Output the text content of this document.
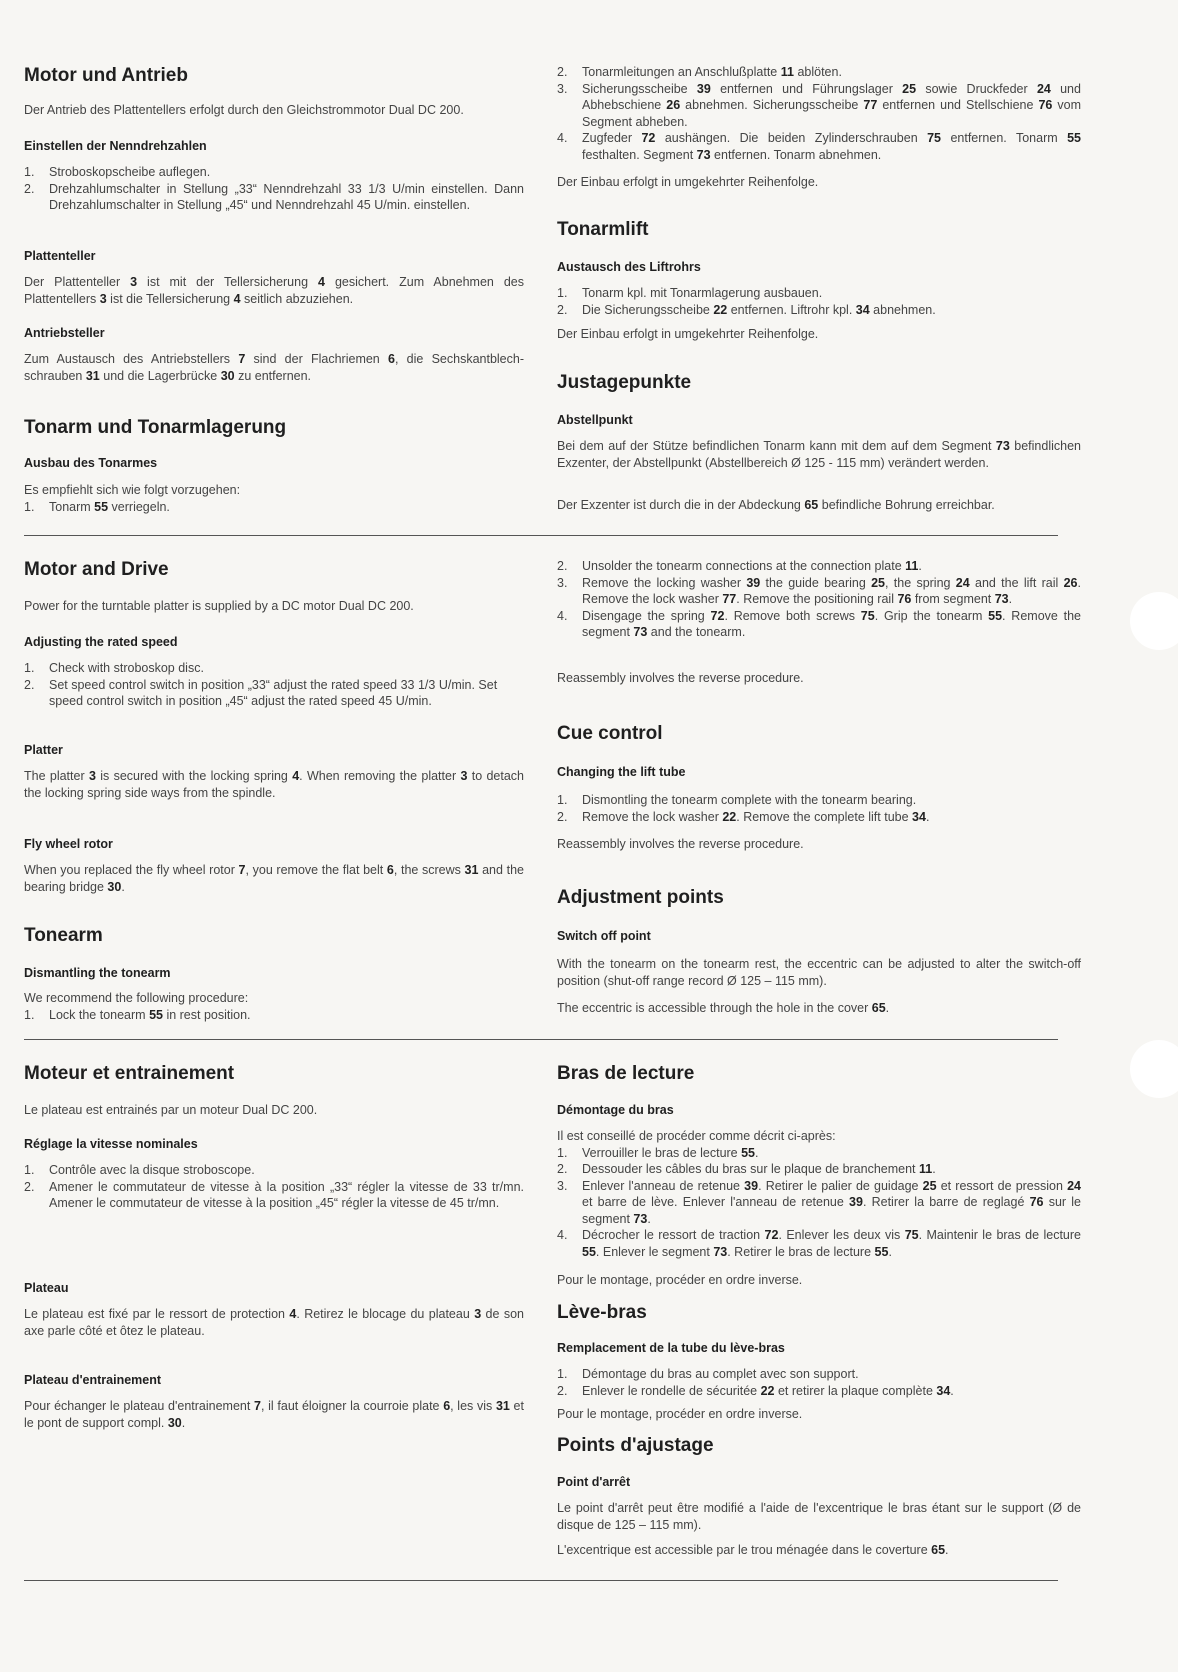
Motor und Antrieb

Der Antrieb des Plattentellers erfolgt durch den Gleichstrommotor Dual DC 200.

Einstellen der Nenndrehzahlen
1. Stroboskopscheibe auflegen.
2. Drehzahlumschalter in Stellung „33“ Nenndrehzahl 33 1/3 U/min einstellen. Dann Drehzahlumschalter in Stellung „45“ und Nenndrehzahl 45 U/min. einstellen.
Plattenteller

Der Plattenteller 3 ist mit der Tellersicherung 4 gesichert. Zum Abnehmen des Plattentellers 3 ist die Tellersicherung 4 seitlich abzuziehen.

Antriebsteller

Zum Austausch des Antriebstellers 7 sind der Flachriemen 6, die Sechskantblech-schrauben 31 und die Lagerbrücke 30 zu entfernen.

Tonarm und Tonarmlagerung
Ausbau des Tonarmes

Es empfiehlt sich wie folgt vorzugehen:

1. Tonarm 55 verriegeln.
2. Tonarmleitungen an Anschlußplatte 11 ablöten.
3. Sicherungsscheibe 39 entfernen und Führungslager 25 sowie Druckfeder 24 und Abhebschiene 26 abnehmen. Sicherungsscheibe 77 entfernen und Stellschiene 76 vom Segment abheben.
4. Zugfeder 72 aushängen. Die beiden Zylinderschrauben 75 entfernen. Tonarm 55 festhalten. Segment 73 entfernen. Tonarm abnehmen.

Der Einbau erfolgt in umgekehrter Reihenfolge.

Tonarmlift
Austausch des Liftrohrs
1. Tonarm kpl. mit Tonarmlagerung ausbauen.
2. Die Sicherungsscheibe 22 entfernen. Liftrohr kpl. 34 abnehmen.

Der Einbau erfolgt in umgekehrter Reihenfolge.

Justagepunkte
Abstellpunkt

Bei dem auf der Stütze befindlichen Tonarm kann mit dem auf dem Segment 73 befindlichen Exzenter, der Abstellpunkt (Abstellbereich Ø 125 - 115 mm) verändert werden.

Der Exzenter ist durch die in der Abdeckung 65 befindliche Bohrung erreichbar.

Motor and Drive

Power for the turntable platter is supplied by a DC motor Dual DC 200.

Adjusting the rated speed
1. Check with stroboskop disc.
2. Set speed control switch in position „33“ adjust the rated speed 33 1/3 U/min. Set speed control switch in position „45“ adjust the rated speed 45 U/min.
Platter

The platter 3 is secured with the locking spring 4. When removing the platter 3 to detach the locking spring side ways from the spindle.

Fly wheel rotor

When you replaced the fly wheel rotor 7, you remove the flat belt 6, the screws 31 and the bearing bridge 30.

Tonearm
Dismantling the tonearm

We recommend the following procedure:

1. Lock the tonearm 55 in rest position.
2. Unsolder the tonearm connections at the connection plate 11.
3. Remove the locking washer 39 the guide bearing 25, the spring 24 and the lift rail 26. Remove the lock washer 77. Remove the positioning rail 76 from segment 73.
4. Disengage the spring 72. Remove both screws 75. Grip the tonearm 55. Remove the segment 73 and the tonearm.

Reassembly involves the reverse procedure.

Cue control
Changing the lift tube
1. Dismontling the tonearm complete with the tonearm bearing.
2. Remove the lock washer 22. Remove the complete lift tube 34.

Reassembly involves the reverse procedure.

Adjustment points
Switch off point

With the tonearm on the tonearm rest, the eccentric can be adjusted to alter the switch-off position (shut-off range record Ø 125 – 115 mm).

The eccentric is accessible through the hole in the cover 65.

Moteur et entrainement

Le plateau est entrainés par un moteur Dual DC 200.

Réglage la vitesse nominales
1. Contrôle avec la disque stroboscope.
2. Amener le commutateur de vitesse à la position „33“ régler la vitesse de 33 tr/mn. Amener le commutateur de vitesse à la position „45“ régler la vitesse de 45 tr/mn.
Plateau

Le plateau est fixé par le ressort de protection 4. Retirez le blocage du plateau 3 de son axe parle côté et ôtez le plateau.

Plateau d'entrainement

Pour échanger le plateau d'entrainement 7, il faut éloigner la courroie plate 6, les vis 31 et le pont de support compl. 30.

Bras de lecture
Démontage du bras

Il est conseillé de procéder comme décrit ci-après:

1. Verrouiller le bras de lecture 55.
2. Dessouder les câbles du bras sur le plaque de branchement 11.
3. Enlever l'anneau de retenue 39. Retirer le palier de guidage 25 et ressort de pression 24 et barre de lève. Enlever l'anneau de retenue 39. Retirer la barre de reglagé 76 sur le segment 73.
4. Décrocher le ressort de traction 72. Enlever les deux vis 75. Maintenir le bras de lecture 55. Enlever le segment 73. Retirer le bras de lecture 55.

Pour le montage, procéder en ordre inverse.

Lève-bras
Remplacement de la tube du lève-bras
1. Démontage du bras au complet avec son support.
2. Enlever le rondelle de sécuritée 22 et retirer la plaque complète 34.

Pour le montage, procéder en ordre inverse.

Points d'ajustage
Point d'arrêt

Le point d'arrêt peut être modifié a l'aide de l'excentrique le bras étant sur le support (Ø de disque de 125 – 115 mm).

L'excentrique est accessible par le trou ménagée dans le coverture 65.
